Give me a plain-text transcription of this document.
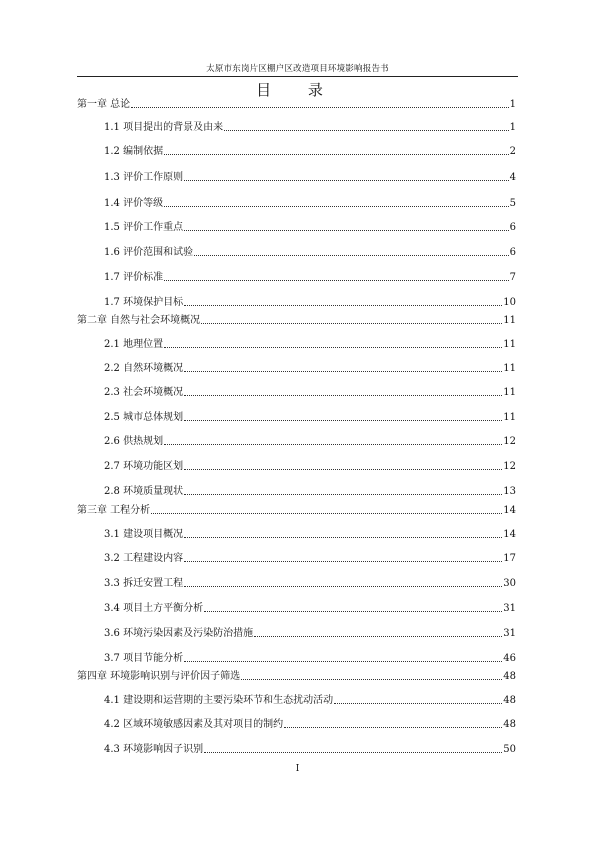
太原市东岗片区棚户区改造项目环境影响报告书
目 录
第一章 总论	1
1.1 项目提出的背景及由来	1
1.2 编制依据	2
1.3 评价工作原则	4
1.4 评价等级	5
1.5 评价工作重点	6
1.6 评价范围和试验	6
1.7 评价标准	7
1.7 环境保护目标	10
第二章 自然与社会环境概况	11
2.1 地理位置	11
2.2 自然环境概况	11
2.3 社会环境概况	11
2.5 城市总体规划	11
2.6 供热规划	12
2.7 环境功能区划	12
2.8 环境质量现状	13
第三章 工程分析	14
3.1 建设项目概况	14
3.2 工程建设内容	17
3.3 拆迁安置工程	30
3.4 项目土方平衡分析	31
3.6 环境污染因素及污染防治措施	31
3.7 项目节能分析	46
第四章 环境影响识别与评价因子筛选	48
4.1 建设期和运营期的主要污染环节和生态扰动活动	48
4.2 区域环境敏感因素及其对项目的制约	48
4.3 环境影响因子识别	50
I
